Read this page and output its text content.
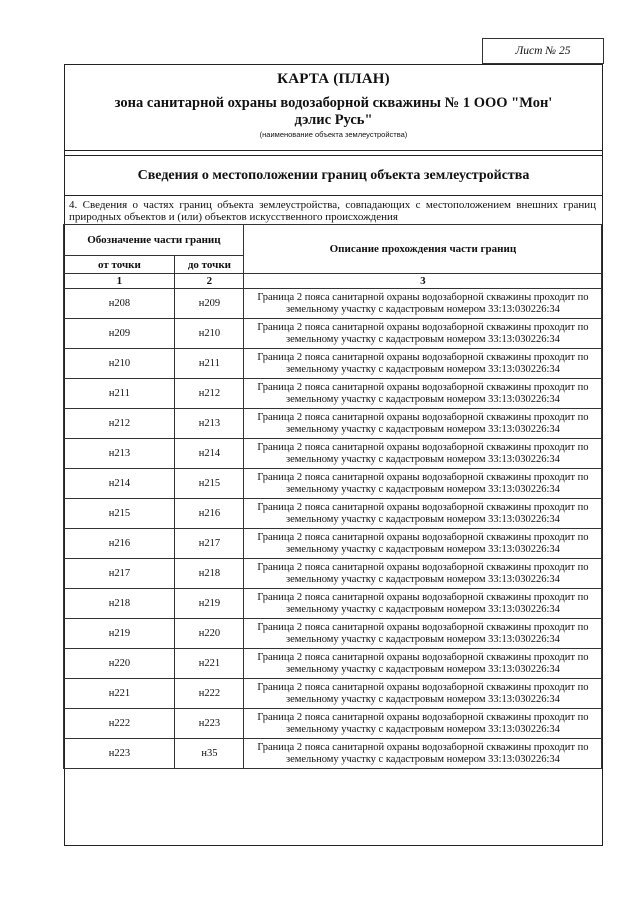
Лист № 25
КАРТА (ПЛАН)
зона санитарной охраны водозаборной скважины № 1 ООО "Мон' дэлис Русь"
(наименование объекта землеустройства)
Сведения о местоположении границ объекта землеустройства
4. Сведения о частях границ объекта землеустройства, совпадающих с местоположением внешних границ природных объектов и (или) объектов искусственного происхождения
Обозначение части границ		Описание прохождения части границ
от точки	до точки	
1	2	3
н208	н209	Граница 2 пояса санитарной охраны водозаборной скважины проходит по земельному участку с кадастровым номером 33:13:030226:34
н209	н210	Граница 2 пояса санитарной охраны водозаборной скважины проходит по земельному участку с кадастровым номером 33:13:030226:34
н210	н211	Граница 2 пояса санитарной охраны водозаборной скважины проходит по земельному участку с кадастровым номером 33:13:030226:34
н211	н212	Граница 2 пояса санитарной охраны водозаборной скважины проходит по земельному участку с кадастровым номером 33:13:030226:34
н212	н213	Граница 2 пояса санитарной охраны водозаборной скважины проходит по земельному участку с кадастровым номером 33:13:030226:34
н213	н214	Граница 2 пояса санитарной охраны водозаборной скважины проходит по земельному участку с кадастровым номером 33:13:030226:34
н214	н215	Граница 2 пояса санитарной охраны водозаборной скважины проходит по земельному участку с кадастровым номером 33:13:030226:34
н215	н216	Граница 2 пояса санитарной охраны водозаборной скважины проходит по земельному участку с кадастровым номером 33:13:030226:34
н216	н217	Граница 2 пояса санитарной охраны водозаборной скважины проходит по земельному участку с кадастровым номером 33:13:030226:34
н217	н218	Граница 2 пояса санитарной охраны водозаборной скважины проходит по земельному участку с кадастровым номером 33:13:030226:34
н218	н219	Граница 2 пояса санитарной охраны водозаборной скважины проходит по земельному участку с кадастровым номером 33:13:030226:34
н219	н220	Граница 2 пояса санитарной охраны водозаборной скважины проходит по земельному участку с кадастровым номером 33:13:030226:34
н220	н221	Граница 2 пояса санитарной охраны водозаборной скважины проходит по земельному участку с кадастровым номером 33:13:030226:34
н221	н222	Граница 2 пояса санитарной охраны водозаборной скважины проходит по земельному участку с кадастровым номером 33:13:030226:34
н222	н223	Граница 2 пояса санитарной охраны водозаборной скважины проходит по земельному участку с кадастровым номером 33:13:030226:34
н223	н35	Граница 2 пояса санитарной охраны водозаборной скважины проходит по земельному участку с кадастровым номером 33:13:030226:34
